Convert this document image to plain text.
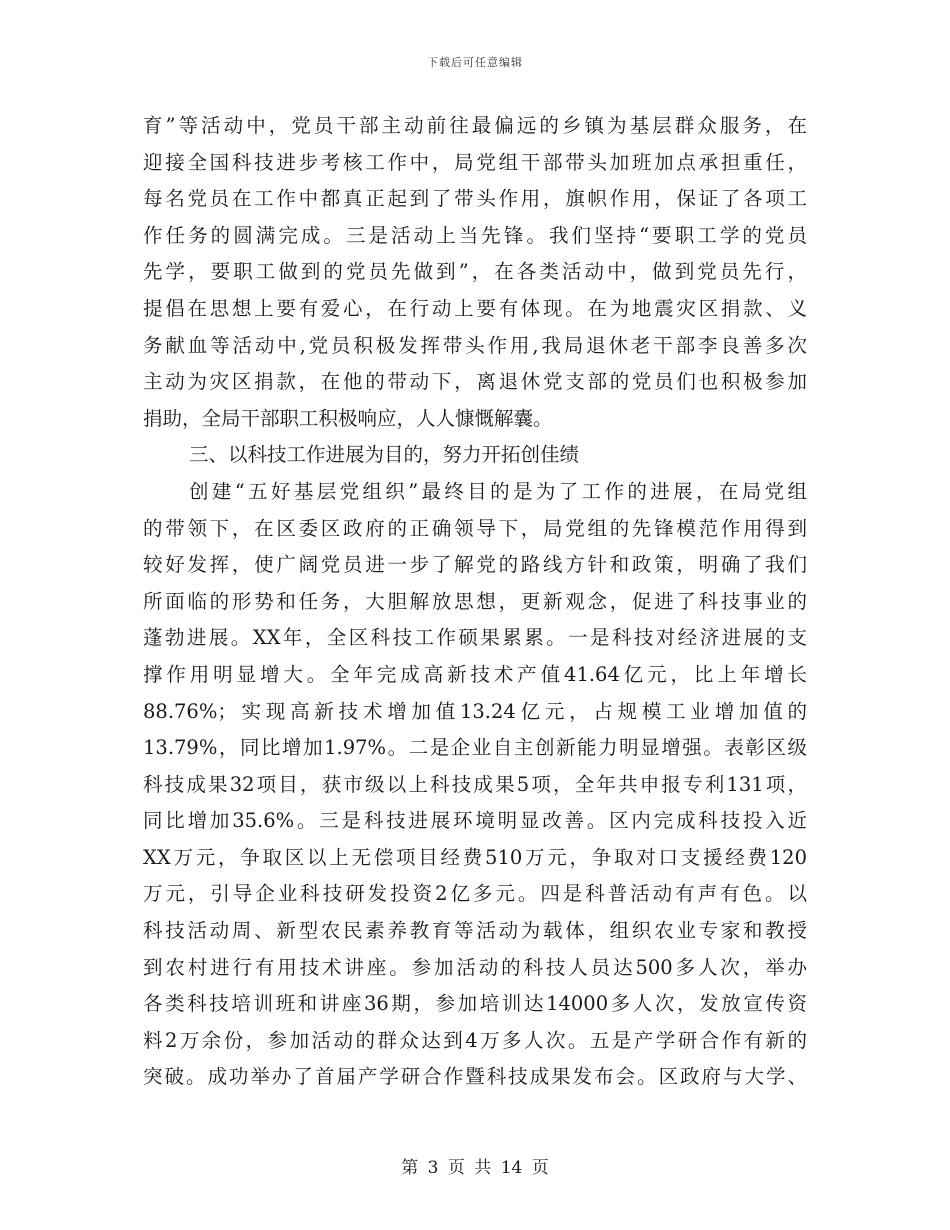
下载后可任意编辑
育”等活动中，党员干部主动前往最偏远的乡镇为基层群众服务，在
迎接全国科技进步考核工作中，局党组干部带头加班加点承担重任，
每名党员在工作中都真正起到了带头作用，旗帜作用，保证了各项工
作任务的圆满完成。三是活动上当先锋。我们坚持“要职工学的党员
先学，要职工做到的党员先做到”，在各类活动中，做到党员先行，
提倡在思想上要有爱心，在行动上要有体现。在为地震灾区捐款、义
务献血等活动中,党员积极发挥带头作用,我局退休老干部李良善多次
主动为灾区捐款，在他的带动下，离退休党支部的党员们也积极参加
捐助，全局干部职工积极响应，人人慷慨解囊。
三、以科技工作进展为目的，努力开拓创佳绩
创建“五好基层党组织”最终目的是为了工作的进展，在局党组
的带领下，在区委区政府的正确领导下，局党组的先锋模范作用得到
较好发挥，使广阔党员进一步了解党的路线方针和政策，明确了我们
所面临的形势和任务，大胆解放思想，更新观念，促进了科技事业的
蓬勃进展。XX年，全区科技工作硕果累累。一是科技对经济进展的支
撑作用明显增大。全年完成高新技术产值41.64亿元，比上年增长
88.76%；实现高新技术增加值13.24亿元，占规模工业增加值的
13.79%，同比增加1.97%。二是企业自主创新能力明显增强。表彰区级
科技成果32项目，获市级以上科技成果5项，全年共申报专利131项，
同比增加35.6%。三是科技进展环境明显改善。区内完成科技投入近
XX万元，争取区以上无偿项目经费510万元，争取对口支援经费120
万元，引导企业科技研发投资2亿多元。四是科普活动有声有色。以
科技活动周、新型农民素养教育等活动为载体，组织农业专家和教授
到农村进行有用技术讲座。参加活动的科技人员达500多人次，举办
各类科技培训班和讲座36期，参加培训达14000多人次，发放宣传资
料2万余份，参加活动的群众达到4万多人次。五是产学研合作有新的
突破。成功举办了首届产学研合作暨科技成果发布会。区政府与大学、
第 3 页 共 14 页
